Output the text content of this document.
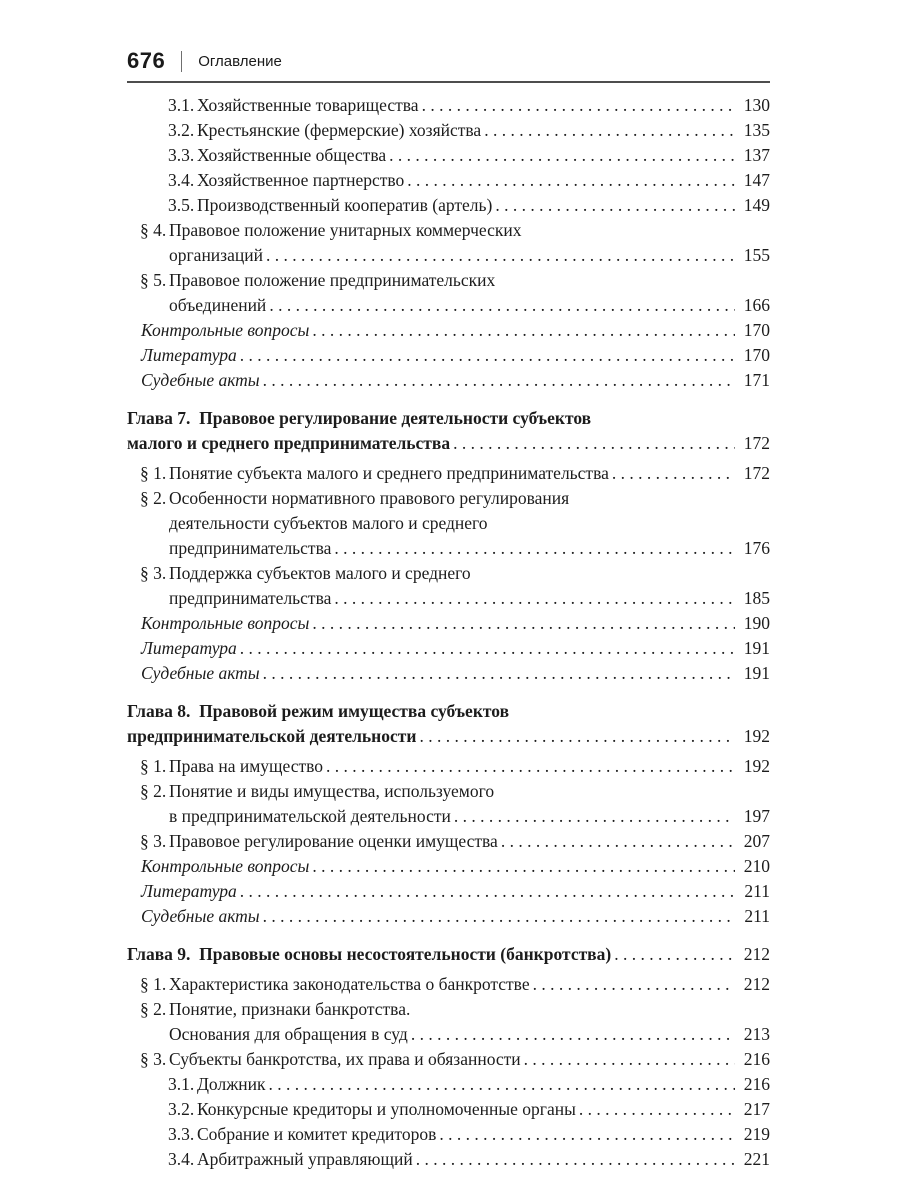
676 Оглавление
3.1. Хозяйственные товарищества . . .	130
3.2. Крестьянские (фермерские) хозяйства . . .	135
3.3. Хозяйственные общества . . .	137
3.4. Хозяйственное партнерство . . .	147
3.5. Производственный кооператив (артель) . . .	149
§ 4. Правовое положение унитарных коммерческих
организаций . . .	155
§ 5. Правовое положение предпринимательских
объединений . . .	166
Контрольные вопросы . . .	170
Литература . . .	170
Судебные акты . . .	171
Глава 7. Правовое регулирование деятельности субъектов
малого и среднего предпринимательства . . .	172
§ 1. Понятие субъекта малого и среднего предпринимательства . . .	172
§ 2. Особенности нормативного правового регулирования
деятельности субъектов малого и среднего
предпринимательства . . .	176
§ 3. Поддержка субъектов малого и среднего
предпринимательства . . .	185
Контрольные вопросы . . .	190
Литература . . .	191
Судебные акты . . .	191
Глава 8. Правовой режим имущества субъектов
предпринимательской деятельности . . .	192
§ 1. Права на имущество . . .	192
§ 2. Понятие и виды имущества, используемого
в предпринимательской деятельности . . .	197
§ 3. Правовое регулирование оценки имущества . . .	207
Контрольные вопросы . . .	210
Литература . . .	211
Судебные акты . . .	211
Глава 9. Правовые основы несостоятельности (банкротства) . . .	212
§ 1. Характеристика законодательства о банкротстве . . .	212
§ 2. Понятие, признаки банкротства.
Основания для обращения в суд . . .	213
§ 3. Субъекты банкротства, их права и обязанности . . .	216
3.1. Должник . . .	216
3.2. Конкурсные кредиторы и уполномоченные органы . . .	217
3.3. Собрание и комитет кредиторов . . .	219
3.4. Арбитражный управляющий . . .	221
